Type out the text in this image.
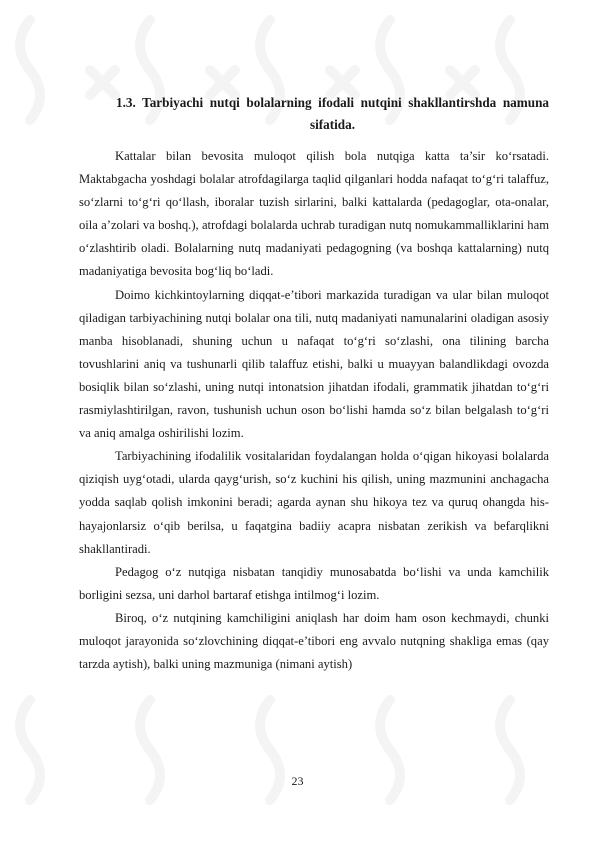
1.3. Tarbiyachi nutqi bolalarning ifodali nutqini shakllantirshda namuna
sifatida.

Kattalar bilan bevosita muloqot qilish bola nutqiga katta ta’sir ko‘rsatadi. Maktabgacha yoshdagi bolalar atrofdagilarga taqlid qilganlari hodda nafaqat to‘g‘ri talaffuz, so‘zlarni to‘g‘ri qo‘llash, iboralar tuzish sirlarini, balki kattalarda (pedagoglar, ota-onalar, oila a’zolari va boshq.), atrofdagi bolalarda uchrab turadigan nutq nomukammalliklarini ham o‘zlashtirib oladi. Bolalarning nutq madaniyati pedagogning (va boshqa kattalarning) nutq madaniyatiga bevosita bog‘liq bo‘ladi.

Doimo kichkintoylarning diqqat-e’tibori markazida turadigan va ular bilan muloqot qiladigan tarbiyachining nutqi bolalar ona tili, nutq madaniyati namunalarini oladigan asosiy manba hisoblanadi, shuning uchun u nafaqat to‘g‘ri so‘zlashi, ona tilining barcha tovushlarini aniq va tushunarli qilib talaffuz etishi, balki u muayyan balandlikdagi ovozda bosiqlik bilan so‘zlashi, uning nutqi intonatsion jihatdan ifodali, grammatik jihatdan to‘g‘ri rasmiylashtirilgan, ravon, tushunish uchun oson bo‘lishi hamda so‘z bilan belgalash to‘g‘ri va aniq amalga oshirilishi lozim.

Tarbiyachining ifodalilik vositalaridan foydalangan holda o‘qigan hikoyasi bolalarda qiziqish uyg‘otadi, ularda qayg‘urish, so‘z kuchini his qilish, uning mazmunini anchagacha yodda saqlab qolish imkonini beradi; agarda aynan shu hikoya tez va quruq ohangda his-hayajonlarsiz o‘qib berilsa, u faqatgina badiiy acapra nisbatan zerikish va befarqlikni shakllantiradi.

Pedagog o‘z nutqiga nisbatan tanqidiy munosabatda bo‘lishi va unda kamchilik borligini sezsa, uni darhol bartaraf etishga intilmog‘i lozim.

Biroq, o‘z nutqining kamchiligini aniqlash har doim ham oson kechmaydi, chunki muloqot jarayonida so‘zlovchining diqqat-e’tibori eng avvalo nutqning shakliga emas (qay tarzda aytish), balki uning mazmuniga (nimani aytish)

23
